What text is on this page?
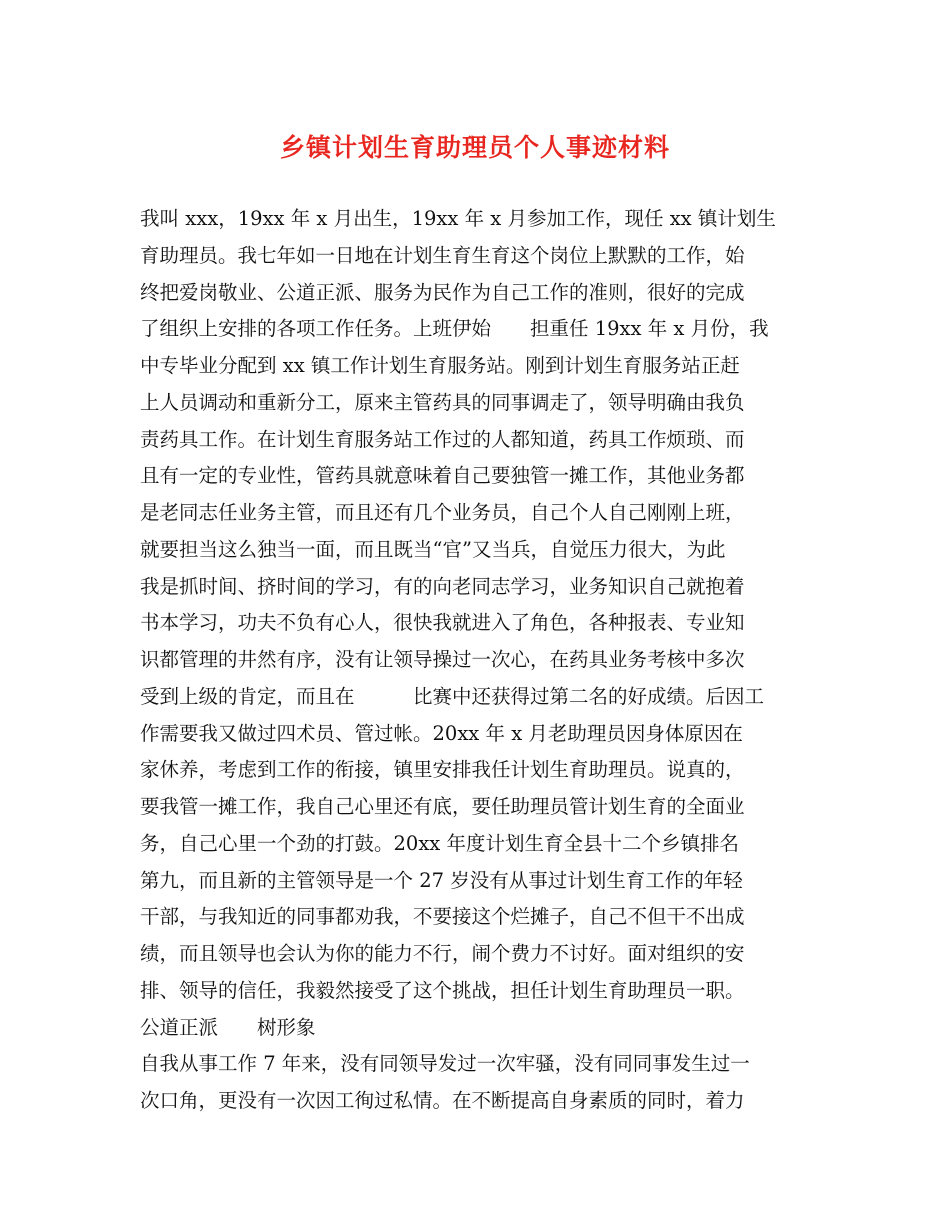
乡镇计划生育助理员个人事迹材料
我叫 xxx，19xx 年 x 月出生，19xx 年 x 月参加工作，现任 xx 镇计划生
育助理员。我七年如一日地在计划生育生育这个岗位上默默的工作，始
终把爱岗敬业、公道正派、服务为民作为自己工作的准则，很好的完成
了组织上安排的各项工作任务。上班伊始　　担重任 19xx 年 x 月份，我
中专毕业分配到 xx 镇工作计划生育服务站。刚到计划生育服务站正赶
上人员调动和重新分工，原来主管药具的同事调走了，领导明确由我负
责药具工作。在计划生育服务站工作过的人都知道，药具工作烦琐、而
且有一定的专业性，管药具就意味着自己要独管一摊工作，其他业务都
是老同志任业务主管，而且还有几个业务员，自己个人自己刚刚上班，
就要担当这么独当一面，而且既当“官”又当兵，自觉压力很大，为此
我是抓时间、挤时间的学习，有的向老同志学习，业务知识自己就抱着
书本学习，功夫不负有心人，很快我就进入了角色，各种报表、专业知
识都管理的井然有序，没有让领导操过一次心，在药具业务考核中多次
受到上级的肯定，而且在　　　比赛中还获得过第二名的好成绩。后因工
作需要我又做过四术员、管过帐。20xx 年 x 月老助理员因身体原因在
家休养，考虑到工作的衔接，镇里安排我任计划生育助理员。说真的，
要我管一摊工作，我自己心里还有底，要任助理员管计划生育的全面业
务，自己心里一个劲的打鼓。20xx 年度计划生育全县十二个乡镇排名
第九，而且新的主管领导是一个 27 岁没有从事过计划生育工作的年轻
干部，与我知近的同事都劝我，不要接这个烂摊子，自己不但干不出成
绩，而且领导也会认为你的能力不行，闹个费力不讨好。面对组织的安
排、领导的信任，我毅然接受了这个挑战，担任计划生育助理员一职。
公道正派　　树形象
自我从事工作 7 年来，没有同领导发过一次牢骚，没有同同事发生过一
次口角，更没有一次因工徇过私情。在不断提高自身素质的同时，着力
